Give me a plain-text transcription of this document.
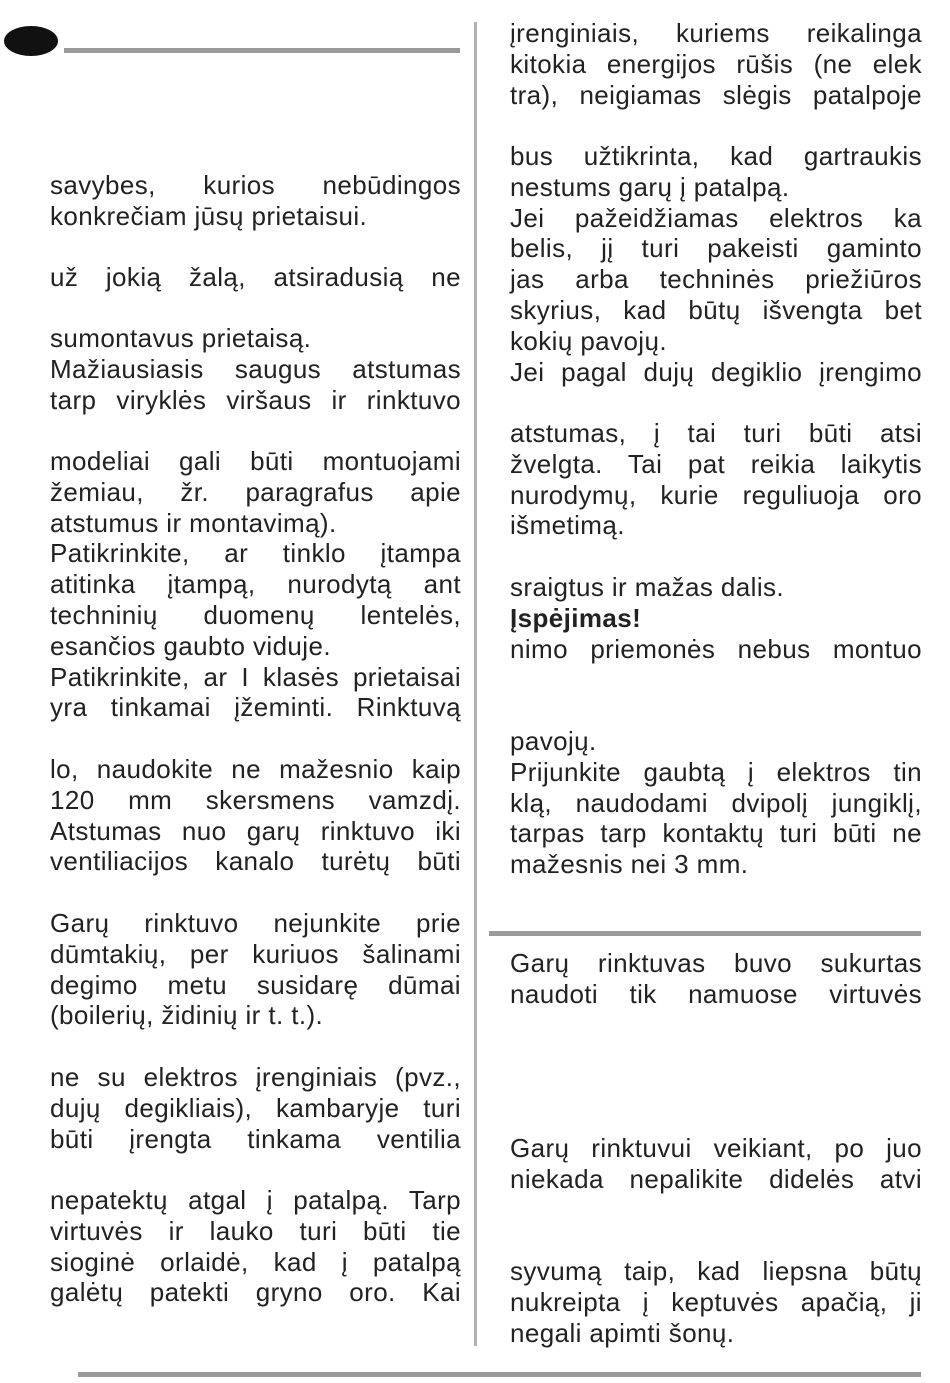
savybes, kurios nebūdingos
konkrečiam jūsų prietaisui.
už jokią žalą, atsiradusią ne
sumontavus prietaisą.
Mažiausiasis saugus atstumas
tarp viryklės viršaus ir rinktuvo
modeliai gali būti montuojami
žemiau, žr. paragrafus apie
atstumus ir montavimą).
Patikrinkite, ar tinklo įtampa
atitinka įtampą, nurodytą ant
techninių duomenų lentelės,
esančios gaubto viduje.
Patikrinkite, ar I klasės prietaisai
yra tinkamai įžeminti. Rinktuvą
lo, naudokite ne mažesnio kaip
120 mm skersmens vamzdį.
Atstumas nuo garų rinktuvo iki
ventiliacijos kanalo turėtų būti
Garų rinktuvo nejunkite prie
dūmtakių, per kuriuos šalinami
degimo metu susidarę dūmai
(boilerių, židinių ir t. t.).
ne su elektros įrenginiais (pvz.,
dujų degikliais), kambaryje turi
būti įrengta tinkama ventilia
nepatektų atgal į patalpą. Tarp
virtuvės ir lauko turi būti tie
sioginė orlaidė, kad į patalpą
galėtų patekti gryno oro. Kai
įrenginiais, kuriems reikalinga
kitokia energijos rūšis (ne elek
tra), neigiamas slėgis patalpoje
bus užtikrinta, kad gartraukis
nestums garų į patalpą.
Jei pažeidžiamas elektros ka
belis, jį turi pakeisti gaminto
jas arba techninės priežiūros
skyrius, kad būtų išvengta bet
kokių pavojų.
Jei pagal dujų degiklio įrengimo
atstumas, į tai turi būti atsi
žvelgta. Tai pat reikia laikytis
nurodymų, kurie reguliuoja oro
išmetimą.
sraigtus ir mažas dalis.
Įspėjimas!
nimo priemonės nebus montuo
pavojų.
Prijunkite gaubtą į elektros tin
klą, naudodami dvipolį jungiklį,
tarpas tarp kontaktų turi būti ne
mažesnis nei 3 mm.
Garų rinktuvas buvo sukurtas
naudoti tik namuose virtuvės
Garų rinktuvui veikiant, po juo
niekada nepalikite didelės atvi
syvumą taip, kad liepsna būtų
nukreipta į keptuvės apačią, ji
negali apimti šonų.
